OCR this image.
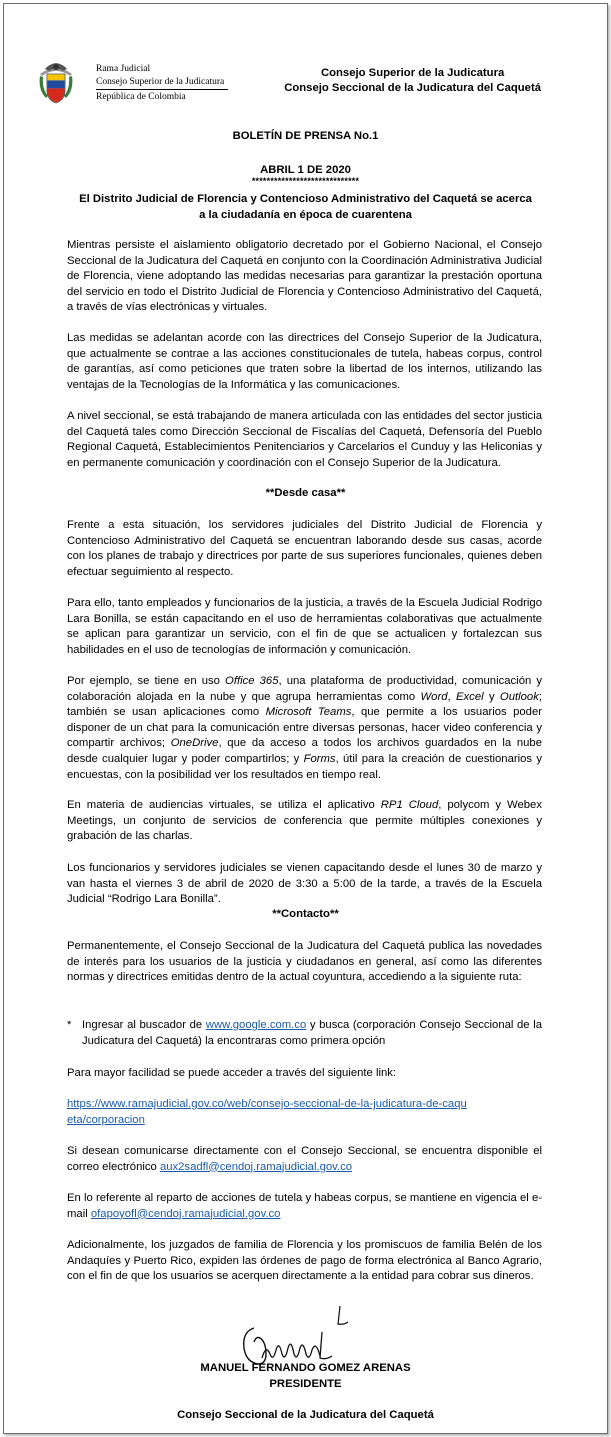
Rama Judicial
Consejo Superior de la Judicatura
República de Colombia
Consejo Superior de la Judicatura
Consejo Seccional de la Judicatura del Caquetá
BOLETÍN DE PRENSA No.1
ABRIL 1 DE 2020
*****************************
El Distrito Judicial de Florencia y Contencioso Administrativo del Caquetá se acerca
a la ciudadanía en época de cuarentena

Mientras persiste el aislamiento obligatorio decretado por el Gobierno Nacional, el Consejo Seccional de la Judicatura del Caquetá en conjunto con la Coordinación Administrativa Judicial de Florencia, viene adoptando las medidas necesarias para garantizar la prestación oportuna del servicio en todo el Distrito Judicial de Florencia y Contencioso Administrativo del Caquetá, a través de vías electrónicas y virtuales.

Las medidas se adelantan acorde con las directrices del Consejo Superior de la Judicatura, que actualmente se contrae a las acciones constitucionales de tutela, habeas corpus, control de garantías, así como peticiones que traten sobre la libertad de los internos, utilizando las ventajas de la Tecnologías de la Informática y las comunicaciones.

A nivel seccional, se está trabajando de manera articulada con las entidades del sector justicia del Caquetá tales como Dirección Seccional de Fiscalías del Caquetá, Defensoría del Pueblo Regional Caquetá, Establecimientos Penitenciarios y Carcelarios el Cunduy y las Heliconias y en permanente comunicación y coordinación con el Consejo Superior de la Judicatura.

**Desde casa**

Frente a esta situación, los servidores judiciales del Distrito Judicial de Florencia y Contencioso Administrativo del Caquetá se encuentran laborando desde sus casas, acorde con los planes de trabajo y directrices por parte de sus superiores funcionales, quienes deben efectuar seguimiento al respecto.

Para ello, tanto empleados y funcionarios de la justicia, a través de la Escuela Judicial Rodrigo Lara Bonilla, se están capacitando en el uso de herramientas colaborativas que actualmente se aplican para garantizar un servicio, con el fin de que se actualicen y fortalezcan sus habilidades en el uso de tecnologías de información y comunicación.

Por ejemplo, se tiene en uso Office 365, una plataforma de productividad, comunicación y colaboración alojada en la nube y que agrupa herramientas como Word, Excel y Outlook; también se usan aplicaciones como Microsoft Teams, que permite a los usuarios poder disponer de un chat para la comunicación entre diversas personas, hacer video conferencia y compartir archivos; OneDrive, que da acceso a todos los archivos guardados en la nube desde cualquier lugar y poder compartirlos; y Forms, útil para la creación de cuestionarios y encuestas, con la posibilidad ver los resultados en tiempo real.

En materia de audiencias virtuales, se utiliza el aplicativo RP1 Cloud, polycom y Webex Meetings, un conjunto de servicios de conferencia que permite múltiples conexiones y grabación de las charlas.

Los funcionarios y servidores judiciales se vienen capacitando desde el lunes 30 de marzo y van hasta el viernes 3 de abril de 2020 de 3:30 a 5:00 de la tarde, a través de la Escuela Judicial “Rodrigo Lara Bonilla”.

**Contacto**

Permanentemente, el Consejo Seccional de la Judicatura del Caquetá publica las novedades de interés para los usuarios de la justicia y ciudadanos en general, así como las diferentes normas y directrices emitidas dentro de la actual coyuntura, accediendo a la siguiente ruta:

* Ingresar al buscador de www.google.com.co y busca (corporación Consejo Seccional de la Judicatura del Caquetá) la encontraras como primera opción

Para mayor facilidad se puede acceder a través del siguiente link:

https://www.ramajudicial.gov.co/web/consejo-seccional-de-la-judicatura-de-caqueta/corporacion

Si desean comunicarse directamente con el Consejo Seccional, se encuentra disponible el correo electrónico aux2sadfl@cendoj.ramajudicial.gov.co

En lo referente al reparto de acciones de tutela y habeas corpus, se mantiene en vigencia el e-mail ofapoyofl@cendoj.ramajudicial.gov.co

Adicionalmente, los juzgados de familia de Florencia y los promiscuos de familia Belén de los Andaquíes y Puerto Rico, expiden las órdenes de pago de forma electrónica al Banco Agrario, con el fin de que los usuarios se acerquen directamente a la entidad para cobrar sus dineros.

MANUEL FERNANDO GOMEZ ARENAS
PRESIDENTE
Consejo Seccional de la Judicatura del Caquetá
